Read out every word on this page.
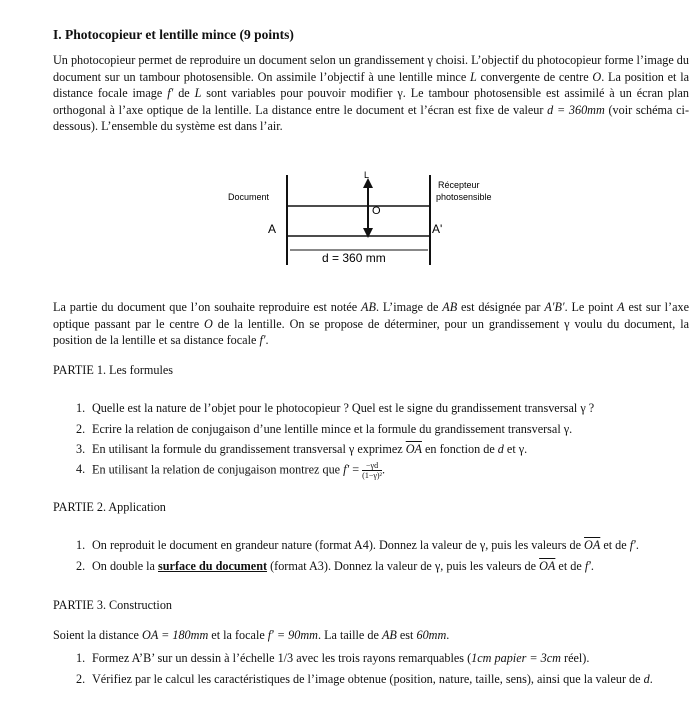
I. Photocopieur et lentille mince (9 points)

Un photocopieur permet de reproduire un document selon un grandissement γ choisi. L’objectif du photocopieur forme l’image du document sur un tambour photosensible. On assimile l’objectif à une lentille mince L convergente de centre O. La position et la distance focale image f′ de L sont variables pour pouvoir modifier γ. Le tambour photosensible est assimilé à un écran plan orthogonal à l’axe optique de la lentille. La distance entre le document et l’écran est fixe de valeur d = 360mm (voir schéma ci-dessous). L’ensemble du système est dans l’air.

Document
Récepteur
photosensible
L
O
A	A'
d = 360 mm

La partie du document que l’on souhaite reproduire est notée AB. L’image de AB est désignée par A′B′. Le point A est sur l’axe optique passant par le centre O de la lentille. On se propose de déterminer, pour un grandissement γ voulu du document, la position de la lentille et sa distance focale f′.

PARTIE 1. Les formules
1. Quelle est la nature de l’objet pour le photocopieur ? Quel est le signe du grandissement transversal γ ?
2. Ecrire la relation de conjugaison d’une lentille mince et la formule du grandissement transversal γ.
3. En utilisant la formule du grandissement transversal γ exprimez $\overline{OA}$ en fonction de d et γ.
4. En utilisant la relation de conjugaison montrez que $f' = \frac{-\gamma d}{\text{(1−γ)²}}$ .
PARTIE 2. Application
1. On reproduit le document en grandeur nature (format A4). Donnez la valeur de γ, puis les valeurs de $\overline{OA}$ et de f′.
2. On double la surface du document (format A3). Donnez la valeur de γ, puis les valeurs de $\overline{OA}$ et de f′.
PARTIE 3. Construction
Soient la distance OA = 180mm et la focale f′ = 90mm. La taille de AB est 60mm.
1. Formez A’B’ sur un dessin à l’échelle 1/3 avec les trois rayons remarquables (1cm papier = 3cm réel).
2. Vérifiez par le calcul les caractéristiques de l’image obtenue (position, nature, taille, sens), ainsi que la valeur de d.
